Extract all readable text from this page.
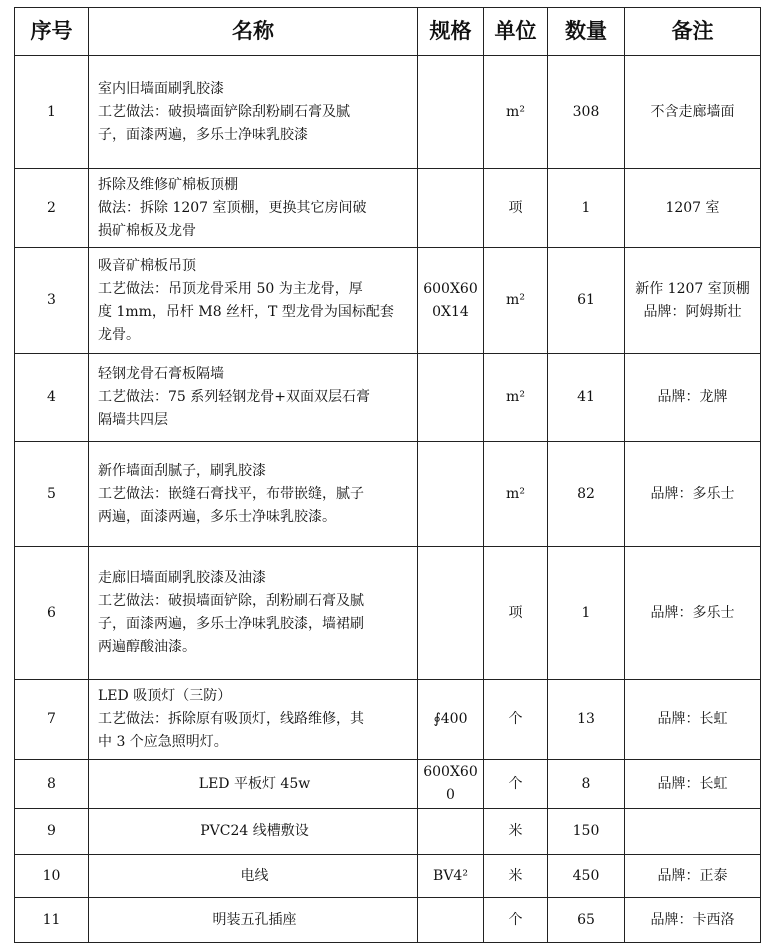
序号	名称	规格	单位	数量	备注
1	室内旧墙面刷乳胶漆
工艺做法：破损墙面铲除刮粉刷石膏及腻
子，面漆两遍，多乐士净味乳胶漆		m²	308	不含走廊墙面

2	拆除及维修矿棉板顶棚
做法：拆除 1207 室顶棚，更换其它房间破
损矿棉板及龙骨		项	1	1207 室

3	吸音矿棉板吊顶
工艺做法：吊顶龙骨采用 50 为主龙骨，厚
度 1mm，吊杆 M8 丝杆，T 型龙骨为国标配套
龙骨。	600X600X14	m²	61	新作 1207 室顶棚
品牌：阿姆斯壮

4	轻钢龙骨石膏板隔墙
工艺做法：75 系列轻钢龙骨+双面双层石膏
隔墙共四层		m²	41	品牌：龙牌

5	新作墙面刮腻子，刷乳胶漆
工艺做法：嵌缝石膏找平，布带嵌缝，腻子
两遍，面漆两遍，多乐士净味乳胶漆。		m²	82	品牌：多乐士

6	走廊旧墙面刷乳胶漆及油漆
工艺做法：破损墙面铲除，刮粉刷石膏及腻
子，面漆两遍，多乐士净味乳胶漆，墙裙刷
两遍醇酸油漆。		项	1	品牌：多乐士

7	LED 吸顶灯（三防）
工艺做法：拆除原有吸顶灯，线路维修，其
中 3 个应急照明灯。	∮400	个	13	品牌：长虹

8	LED 平板灯 45w	600X600	个	8	品牌：长虹

9	PVC24 线槽敷设		米	150	
10	电线	BV4²	米	450	品牌：正泰

11	明装五孔插座		个	65	品牌：卡西洛
